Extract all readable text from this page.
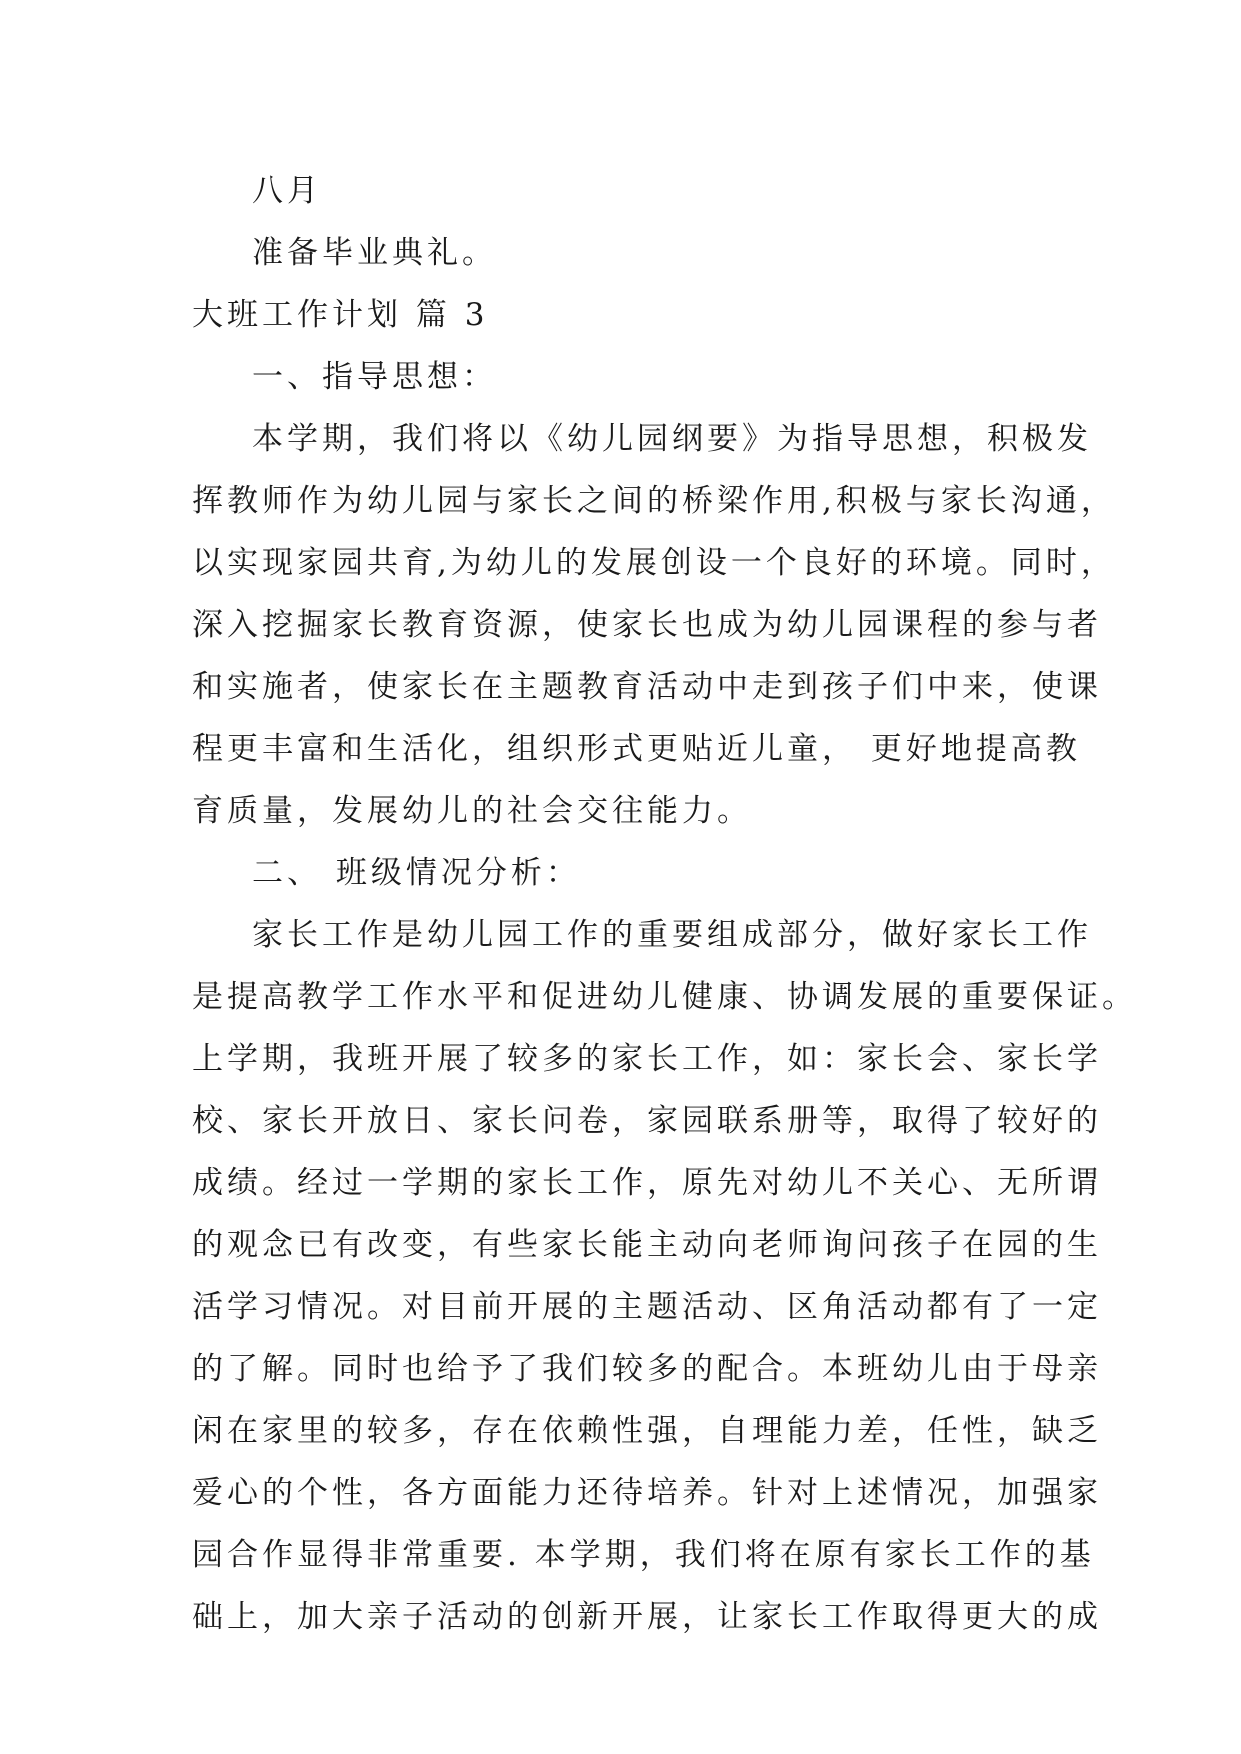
八月
准备毕业典礼。
大班工作计划 篇 3
一、指导思想：
本学期，我们将以《幼儿园纲要》为指导思想，积极发
挥教师作为幼儿园与家长之间的桥梁作用,积极与家长沟通，
以实现家园共育,为幼儿的发展创设一个良好的环境。同时，
深入挖掘家长教育资源，使家长也成为幼儿园课程的参与者
和实施者，使家长在主题教育活动中走到孩子们中来，使课
程更丰富和生活化，组织形式更贴近儿童， 更好地提高教
育质量，发展幼儿的社会交往能力。
二、 班级情况分析：
家长工作是幼儿园工作的重要组成部分，做好家长工作
是提高教学工作水平和促进幼儿健康、协调发展的重要保证。
上学期，我班开展了较多的家长工作，如：家长会、家长学
校、家长开放日、家长问卷，家园联系册等，取得了较好的
成绩。经过一学期的家长工作，原先对幼儿不关心、无所谓
的观念已有改变，有些家长能主动向老师询问孩子在园的生
活学习情况。对目前开展的主题活动、区角活动都有了一定
的了解。同时也给予了我们较多的配合。本班幼儿由于母亲
闲在家里的较多，存在依赖性强，自理能力差，任性，缺乏
爱心的个性，各方面能力还待培养。针对上述情况，加强家
园合作显得非常重要. 本学期，我们将在原有家长工作的基
础上，加大亲子活动的创新开展，让家长工作取得更大的成
